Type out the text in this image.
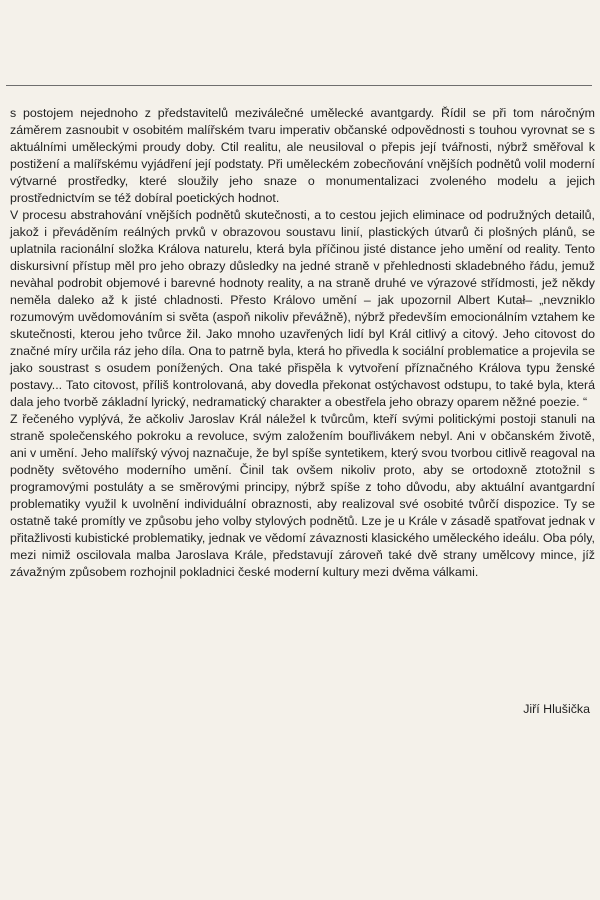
s postojem nejednoho z představitelů meziválečné umělecké avantgardy. Řídil se při tom náročným záměrem zasnoubit v osobitém malířském tvaru imperativ občanské odpovědnosti s touhou vyrovnat se s aktuálními uměleckými proudy doby. Ctil realitu, ale neusiloval o přepis její tvářnosti, nýbrž směřoval k postižení a malířskému vyjádření její podstaty. Při uměleckém zobecňování vnějších podnětů volil moderní výtvarné prostředky, které sloužily jeho snaze o monumentalizaci zvoleného modelu a jejich prostřednictvím se též dobíral poetických hodnot.

V procesu abstrahování vnějších podnětů skutečnosti, a to cestou jejich eliminace od podružných detailů, jakož i převáděním reálných prvků v obrazovou soustavu linií, plastických útvarů či plošných plánů, se uplatnila racionální složka Králova naturelu, která byla příčinou jisté distance jeho umění od reality. Tento diskursivní přístup měl pro jeho obrazy důsledky na jedné straně v přehlednosti skladebného řádu, jemuž nevàhal podrobit objemové i barevné hodnoty reality, a na straně druhé ve výrazové střídmosti, jež někdy neměla daleko až k jisté chladnosti. Přesto Královo umění – jak upozornil Albert Kutał– „nevzniklo rozumovým uvědomováním si světa (aspoň nikoliv převážně), nýbrž především emocionálním vztahem ke skutečnosti, kterou jeho tvůrce žil. Jako mnoho uzavřených lidí byl Král citlivý a citový. Jeho citovost do značné míry určila ráz jeho díla. Ona to patrně byla, která ho přivedla k sociální problematice a projevila se jako soustrast s osudem ponížených. Ona také přispěla k vytvoření příznačného Králova typu ženské postavy... Tato citovost, příliš kontrolovaná, aby dovedla překonat ostýchavost odstupu, to také byla, která dala jeho tvorbě základní lyrický, nedramatický charakter a obestřela jeho obrazy oparem něžné poezie. “

Z řečeného vyplývá, že ačkoliv Jaroslav Král náležel k tvůrcům, kteří svými politickými postoji stanuli na straně společenského pokroku a revoluce, svým založením bouřlivákem nebyl. Ani v občanském životě, ani v umění. Jeho malířský vývoj naznačuje, že byl spíše syntetikem, který svou tvorbou citlivě reagoval na podněty světového moderního umění. Činil tak ovšem nikoliv proto, aby se ortodoxně ztotožnil s programovými postuláty a se směrovými principy, nýbrž spíše z toho důvodu, aby aktuální avantgardní problematiky využil k uvolnění individuální obraznosti, aby realizoval své osobité tvůrčí dispozice. Ty se ostatně také promítly ve způsobu jeho volby stylových podnětů. Lze je u Krále v zásadě spatřovat jednak v přitažlivosti kubistické problematiky, jednak ve vědomí závaznosti klasického uměleckého ideálu. Oba póly, mezi nimiž oscilovala malba Jaroslava Krále, představují zároveň také dvě strany umělcovy mince, jíž závažným způsobem rozhojnil pokladnici české moderní kultury mezi dvěma válkami.

Jiří Hlušička
